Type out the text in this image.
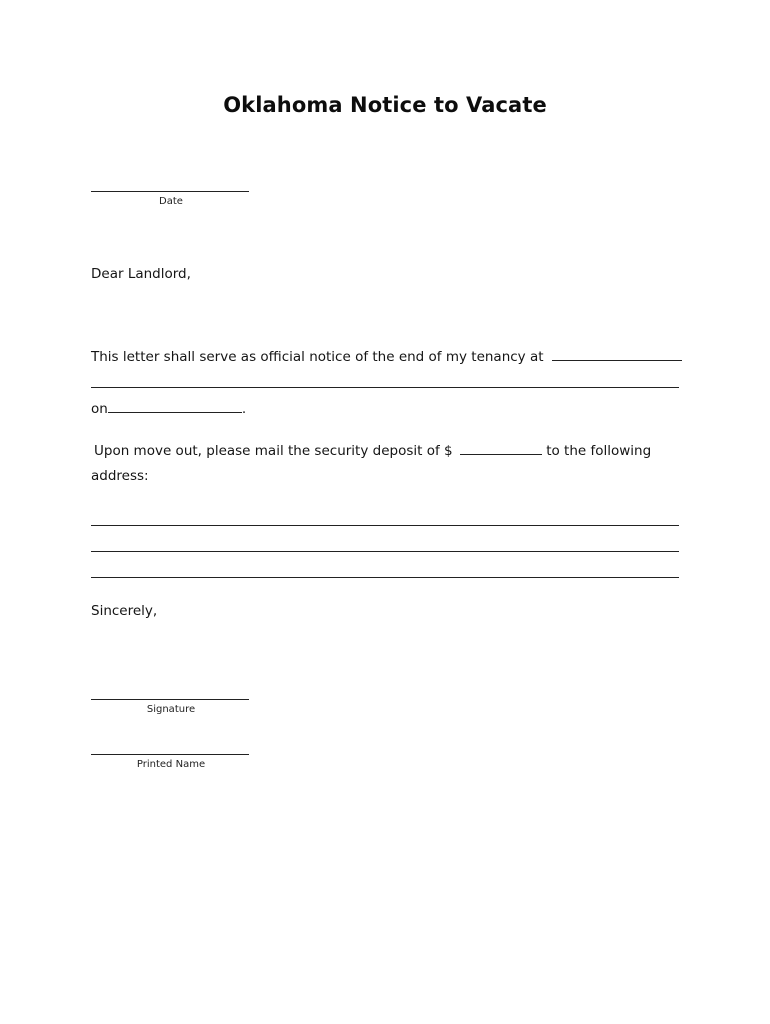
Oklahoma Notice to Vacate
Date
Dear Landlord,
This letter shall serve as official notice of the end of my tenancy at
on	.
Upon move out, please mail the security deposit of $	to the following
address:
Sincerely,
Signature
Printed Name
